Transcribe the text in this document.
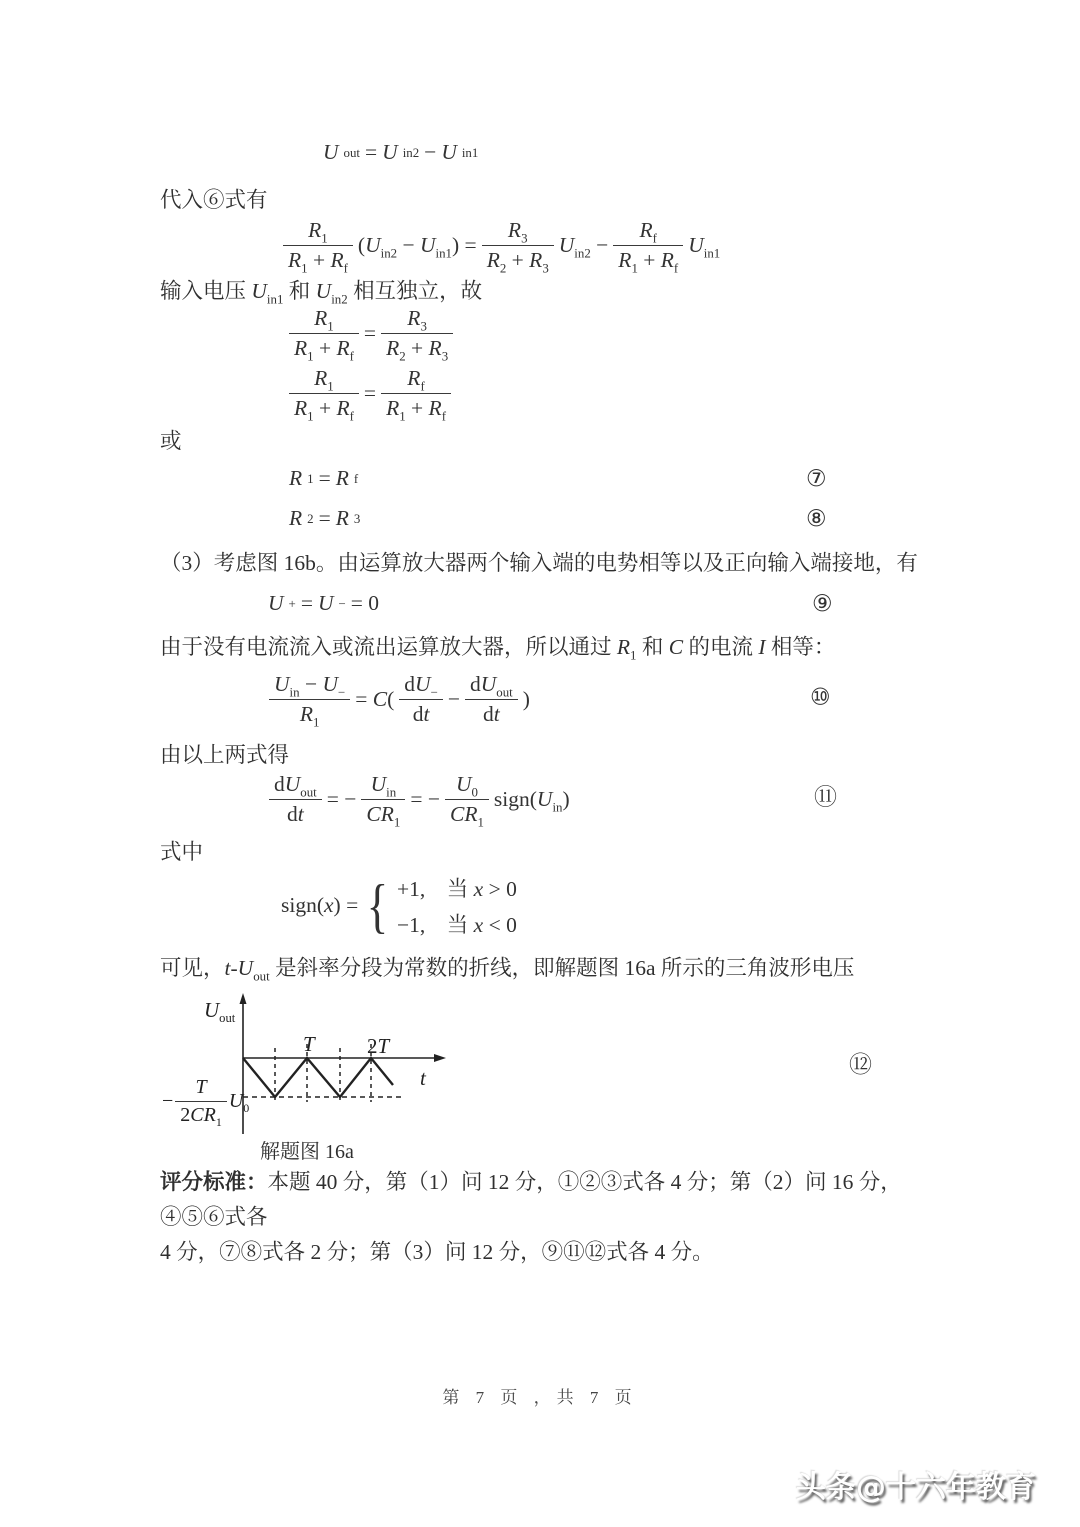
U out = U in2 − U in1
代入⑥式有
$\frac{R_1}{R_1 + R_f} (U_{in2} - U_{in1}) = \frac{R_3}{R_2 + R_3} U_{in2} - \frac{R_f}{R_1 + R_f} U_{in1}$
输入电压 $U_{in1}$ 和 $U_{in2}$ 相互独立，故
$\frac{R_1}{R_1 + R_f} = \frac{R_3}{R_2 + R_3}$
$\frac{R_1}{R_1 + R_f} = \frac{R_f}{R_1 + R_f}$
或
R 1 = R f	⑦
R 2 = R 3	⑧
（3）考虑图 16b。由运算放大器两个输入端的电势相等以及正向输入端接地，有
U + = U − = 0	⑨
由于没有电流流入或流出运算放大器，所以通过 $R_1$ 和 C 的电流 I 相等：
$\frac{U_{in} - U_-}{R_1} = C( \frac{dU_-}{dt} - \frac{dU_{out}}{dt}$ )	⑩
由以上两式得
$\frac{dU_{out}}{dt}$ = − $\frac{U_{in}}{CR_1}$ = − $\frac{U_0}{CR_1}$ $sign(U_{in})$	⑪
式中
sign(x) = { +1,　当 x > 0
−1,　当 x < 0
可见，$t-U_{out}$ 是斜率分段为常数的折线，即解题图 16a 所示的三角波形电压
$U_{out}$
T 2T
t
− $\frac{T}{2CR_1} U_0$
解题图 16a
⑫
评分标准：本题 40 分，第（1）问 12 分，①②③式各 4 分；第（2）问 16 分，④⑤⑥式各
4 分，⑦⑧式各 2 分；第（3）问 12 分，⑨⑪⑫式各 4 分。
第 7 页 ，共 7 页
头条@十六年教育
